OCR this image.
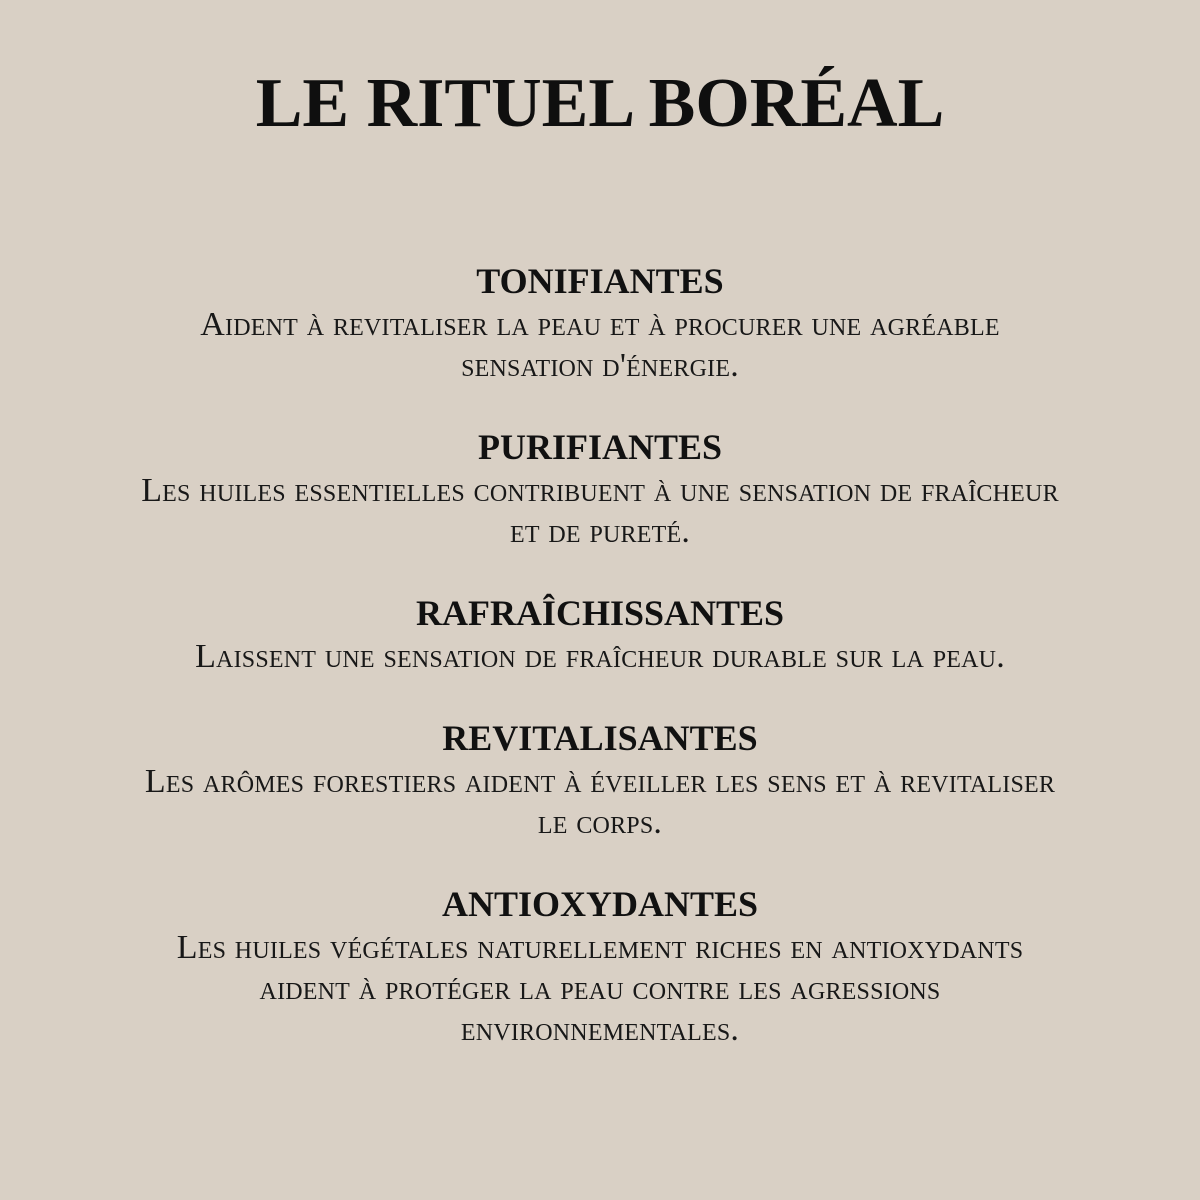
LE RITUEL BORÉAL
TONIFIANTES

Aident à revitaliser la peau et à procurer une agréable sensation d'énergie.

PURIFIANTES

Les huiles essentielles contribuent à une sensation de fraîcheur et de pureté.

RAFRAÎCHISSANTES

Laissent une sensation de fraîcheur durable sur la peau.

REVITALISANTES

Les arômes forestiers aident à éveiller les sens et à revitaliser le corps.

ANTIOXYDANTES

Les huiles végétales naturellement riches en antioxydants aident à protéger la peau contre les agressions environnementales.
